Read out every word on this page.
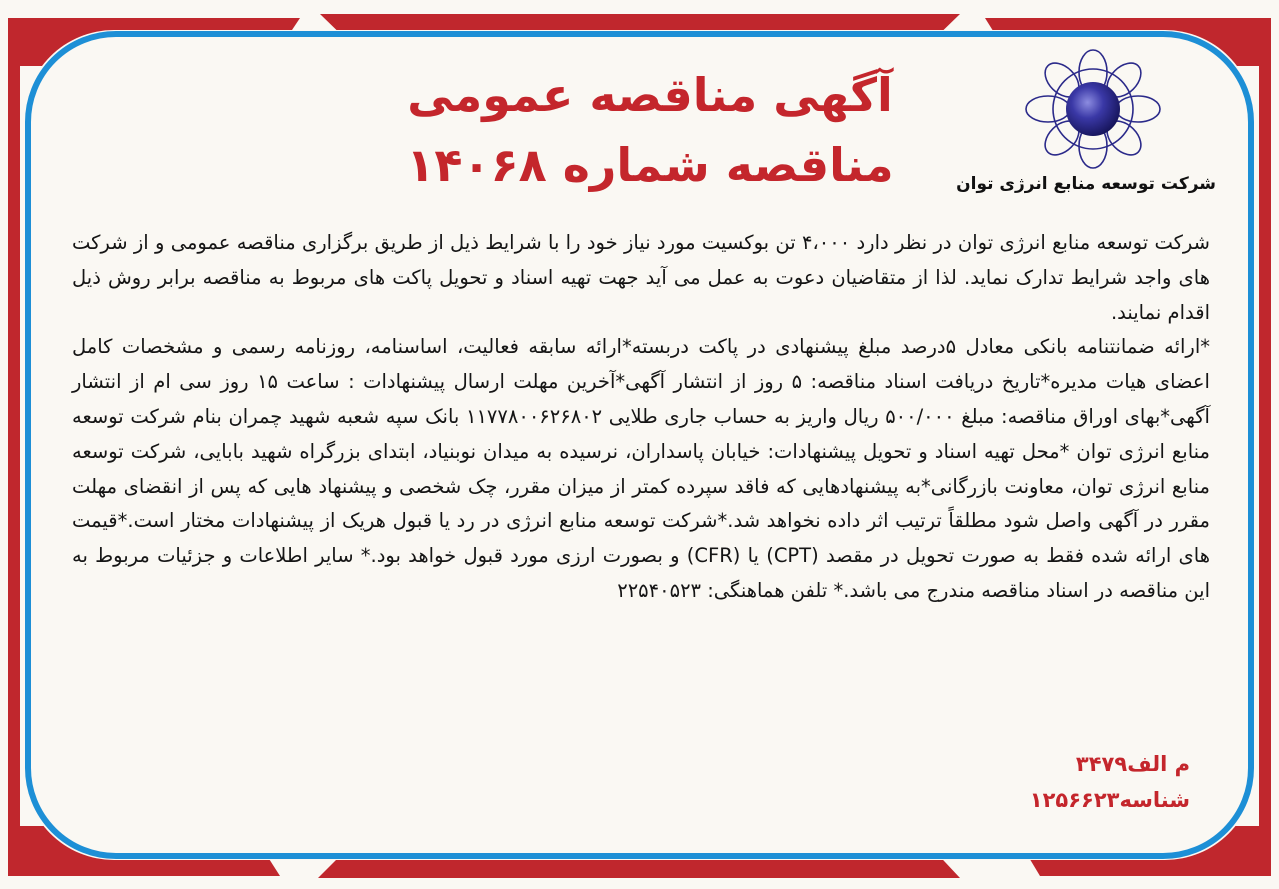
شرکت توسعه منابع انرژی توان
آگهی مناقصه عمومی
مناقصه شماره ۱۴۰۶۸

شرکت توسعه منابع انرژی توان در نظر دارد ۴،۰۰۰ تن بوکسیت مورد نیاز خود را با شرایط ذیل از طریق برگزاری مناقصه عمومی و از شرکت های واجد شرایط تدارک نماید. لذا از متقاضیان دعوت به عمل می آید جهت تهیه اسناد و تحویل پاکت های مربوط به مناقصه برابر روش ذیل اقدام نمایند.

*ارائه ضمانتنامه بانکی معادل ۵درصد مبلغ پیشنهادی در پاکت دربسته*ارائه سابقه فعالیت، اساسنامه، روزنامه رسمی و مشخصات کامل اعضای هیات مدیره*تاریخ دریافت اسناد مناقصه: ۵ روز از انتشار آگهی*آخرین مهلت ارسال پیشنهادات : ساعت ۱۵ روز سی ام از انتشار آگهی*بهای اوراق مناقصه: مبلغ ۵۰۰/۰۰۰ ریال واریز به حساب جاری طلایی ۱۱۷۷۸۰۰۶۲۶۸۰۲ بانک سپه شعبه شهید چمران بنام شرکت توسعه منابع انرژی توان *محل تهیه اسناد و تحویل پیشنهادات: خیابان پاسداران، نرسیده به میدان نوبنیاد، ابتدای بزرگراه شهید بابایی، شرکت توسعه منابع انرژی توان، معاونت بازرگانی*به پیشنهادهایی که فاقد سپرده کمتر از میزان مقرر، چک شخصی و پیشنهاد هایی که پس از انقضای مهلت مقرر در آگهی واصل شود مطلقاً ترتیب اثر داده نخواهد شد.*شرکت توسعه منابع انرژی در رد یا قبول هریک از پیشنهادات مختار است.*قیمت های ارائه شده فقط به صورت تحویل در مقصد (CPT) یا (CFR) و بصورت ارزی مورد قبول خواهد بود.* سایر اطلاعات و جزئیات مربوط به این مناقصه در اسناد مناقصه مندرج می باشد.* تلفن هماهنگی: ۲۲۵۴۰۵۲۳

م الف۳۴۷۹
شناسه۱۲۵۶۶۲۳
